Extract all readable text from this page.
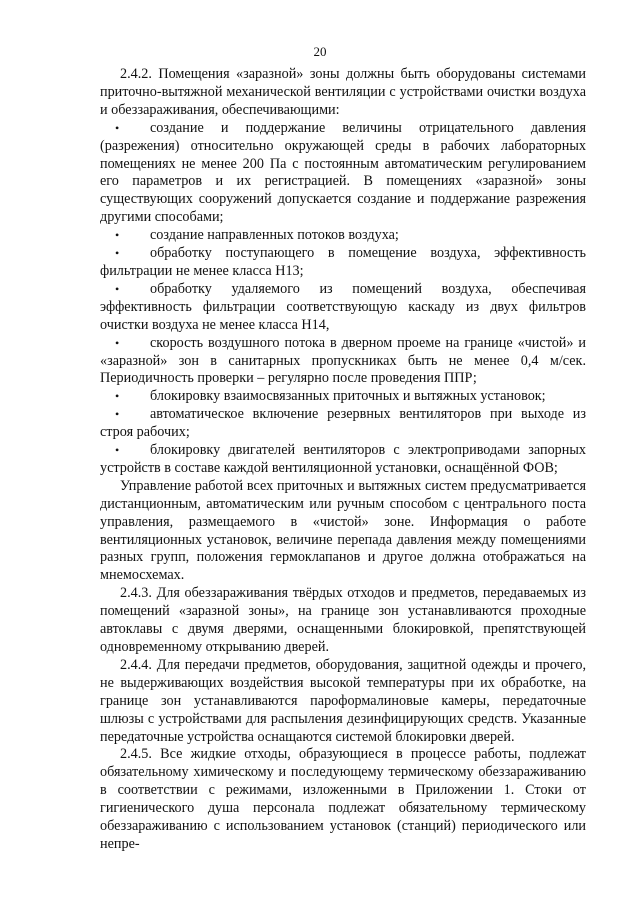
20

2.4.2. Помещения «заразной» зоны должны быть оборудованы системами приточно-вытяжной механической вентиляции с устройствами очистки воздуха и обеззараживания, обеспечивающими:

• создание и поддержание величины отрицательного давления (разрежения) относительно окружающей среды в рабочих лабораторных помещениях не менее 200 Па с постоянным автоматическим регулированием его параметров и их регистрацией. В помещениях «заразной» зоны существующих сооружений допускается создание и поддержание разрежения другими способами;
• создание направленных потоков воздуха;
• обработку поступающего в помещение воздуха, эффективность фильтрации не менее класса Н13;
• обработку удаляемого из помещений воздуха, обеспечивая эффективность фильтрации соответствующую каскаду из двух фильтров очистки воздуха не менее класса Н14,
• скорость воздушного потока в дверном проеме на границе «чистой» и «заразной» зон в санитарных пропускниках быть не менее 0,4 м/сек. Периодичность проверки – регулярно после проведения ППР;
• блокировку взаимосвязанных приточных и вытяжных установок;
• автоматическое включение резервных вентиляторов при выходе из строя рабочих;
• блокировку двигателей вентиляторов с электроприводами запорных устройств в составе каждой вентиляционной установки, оснащённой ФОВ;

Управление работой всех приточных и вытяжных систем предусматривается дистанционным, автоматическим или ручным способом с центрального поста управления, размещаемого в «чистой» зоне. Информация о работе вентиляционных установок, величине перепада давления между помещениями разных групп, положения гермоклапанов и другое должна отображаться на мнемосхемах.

2.4.3. Для обеззараживания твёрдых отходов и предметов, передаваемых из помещений «заразной зоны», на границе зон устанавливаются проходные автоклавы с двумя дверями, оснащенными блокировкой, препятствующей одновременному открыванию дверей.

2.4.4. Для передачи предметов, оборудования, защитной одежды и прочего, не выдерживающих воздействия высокой температуры при их обработке, на границе зон устанавливаются пароформалиновые камеры, передаточные шлюзы с устройствами для распыления дезинфицирующих средств. Указанные передаточные устройства оснащаются системой блокировки дверей.

2.4.5. Все жидкие отходы, образующиеся в процессе работы, подлежат обязательному химическому и последующему термическому обеззараживанию в соответствии с режимами, изложенными в Приложении 1. Стоки от гигиенического душа персонала подлежат обязательному термическому обеззараживанию с использованием установок (станций) периодического или непре-
